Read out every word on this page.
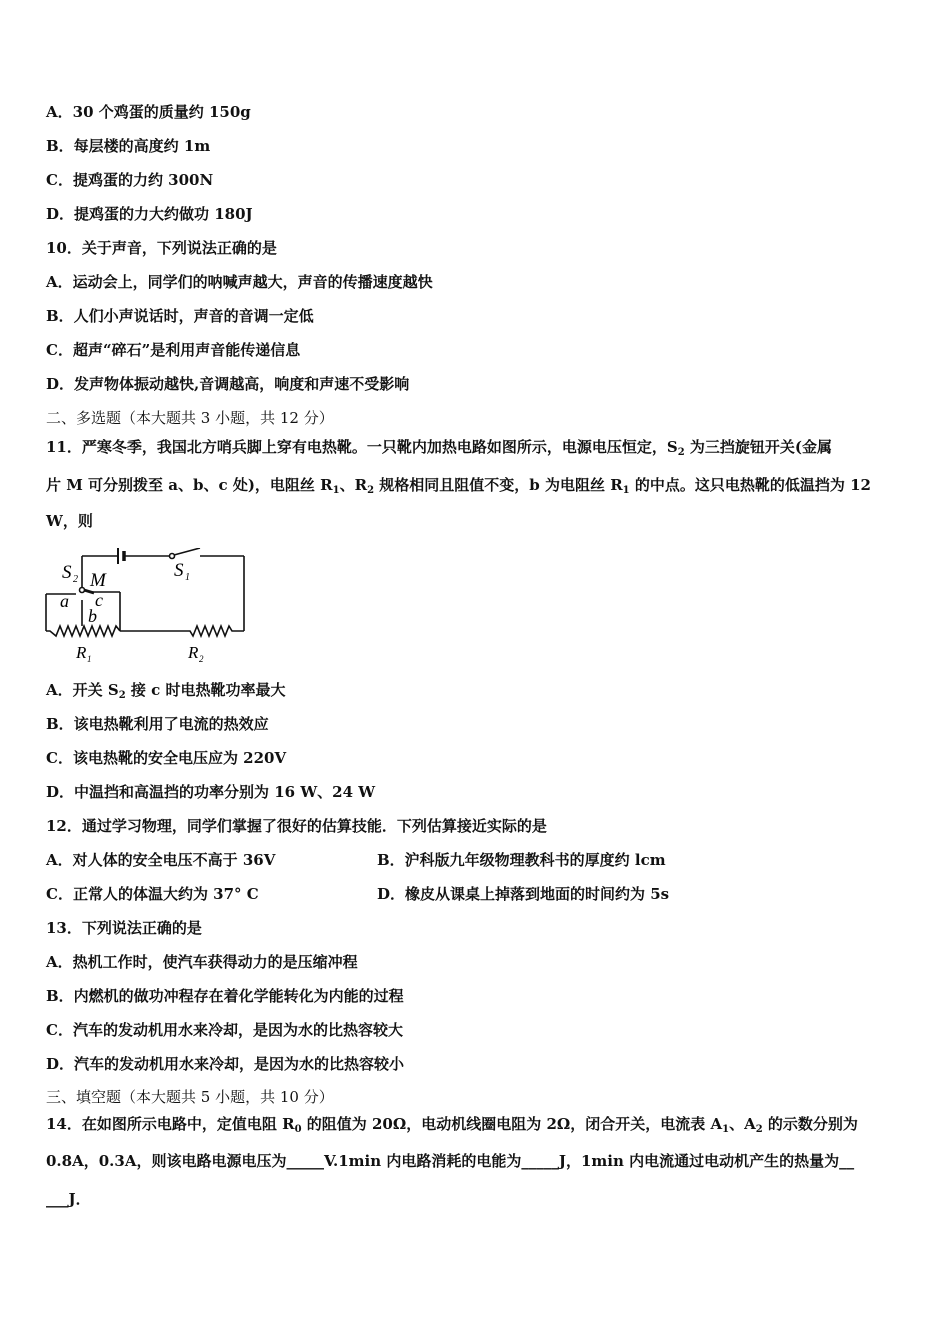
A．30 个鸡蛋的质量约 150g
B．每层楼的高度约 1m
C．提鸡蛋的力约 300N
D．提鸡蛋的力大约做功 180J
10．关于声音，下列说法正确的是
A．运动会上，同学们的呐喊声越大，声音的传播速度越快
B．人们小声说话时，声音的音调一定低
C．超声“碎石”是利用声音能传递信息
D．发声物体振动越快,音调越高，响度和声速不受影响
二、多选题（本大题共 3 小题，共 12 分）
11．严寒冬季，我国北方哨兵脚上穿有电热靴。一只靴内加热电路如图所示，电源电压恒定，$S_2$ 为三挡旋钮开关(金属
片 M 可分别拨至 a、b、c 处)，电阻丝 $R_1$、$R_2$ 规格相同且阻值不变，b 为电阻丝 $R_1$ 的中点。这只电热靴的低温挡为 12
W，则
S 2 M	S 1
a c
b
R 1	R 2
A．开关 $S_2$ 接 c 时电热靴功率最大
B．该电热靴利用了电流的热效应
C．该电热靴的安全电压应为 220V
D．中温挡和高温挡的功率分别为 16 W、24 W
12．通过学习物理，同学们掌握了很好的估算技能．下列估算接近实际的是
A．对人体的安全电压不高于 36V	B．沪科版九年级物理教科书的厚度约 lcm
C．正常人的体温大约为 37° C	D．橡皮从课桌上掉落到地面的时间约为 5s
13．下列说法正确的是
A．热机工作时，使汽车获得动力的是压缩冲程
B．内燃机的做功冲程存在着化学能转化为内能的过程
C．汽车的发动机用水来冷却，是因为水的比热容较大
D．汽车的发动机用水来冷却，是因为水的比热容较小
三、填空题（本大题共 5 小题，共 10 分）
14．在如图所示电路中，定值电阻 $R_0$ 的阻值为 20Ω，电动机线圈电阻为 2Ω，闭合开关，电流表 $A_1$、$A_2$ 的示数分别为
0.8A，0.3A，则该电路电源电压为_____V.1min 内电路消耗的电能为_____J，1min 内电流通过电动机产生的热量为__
___J．
